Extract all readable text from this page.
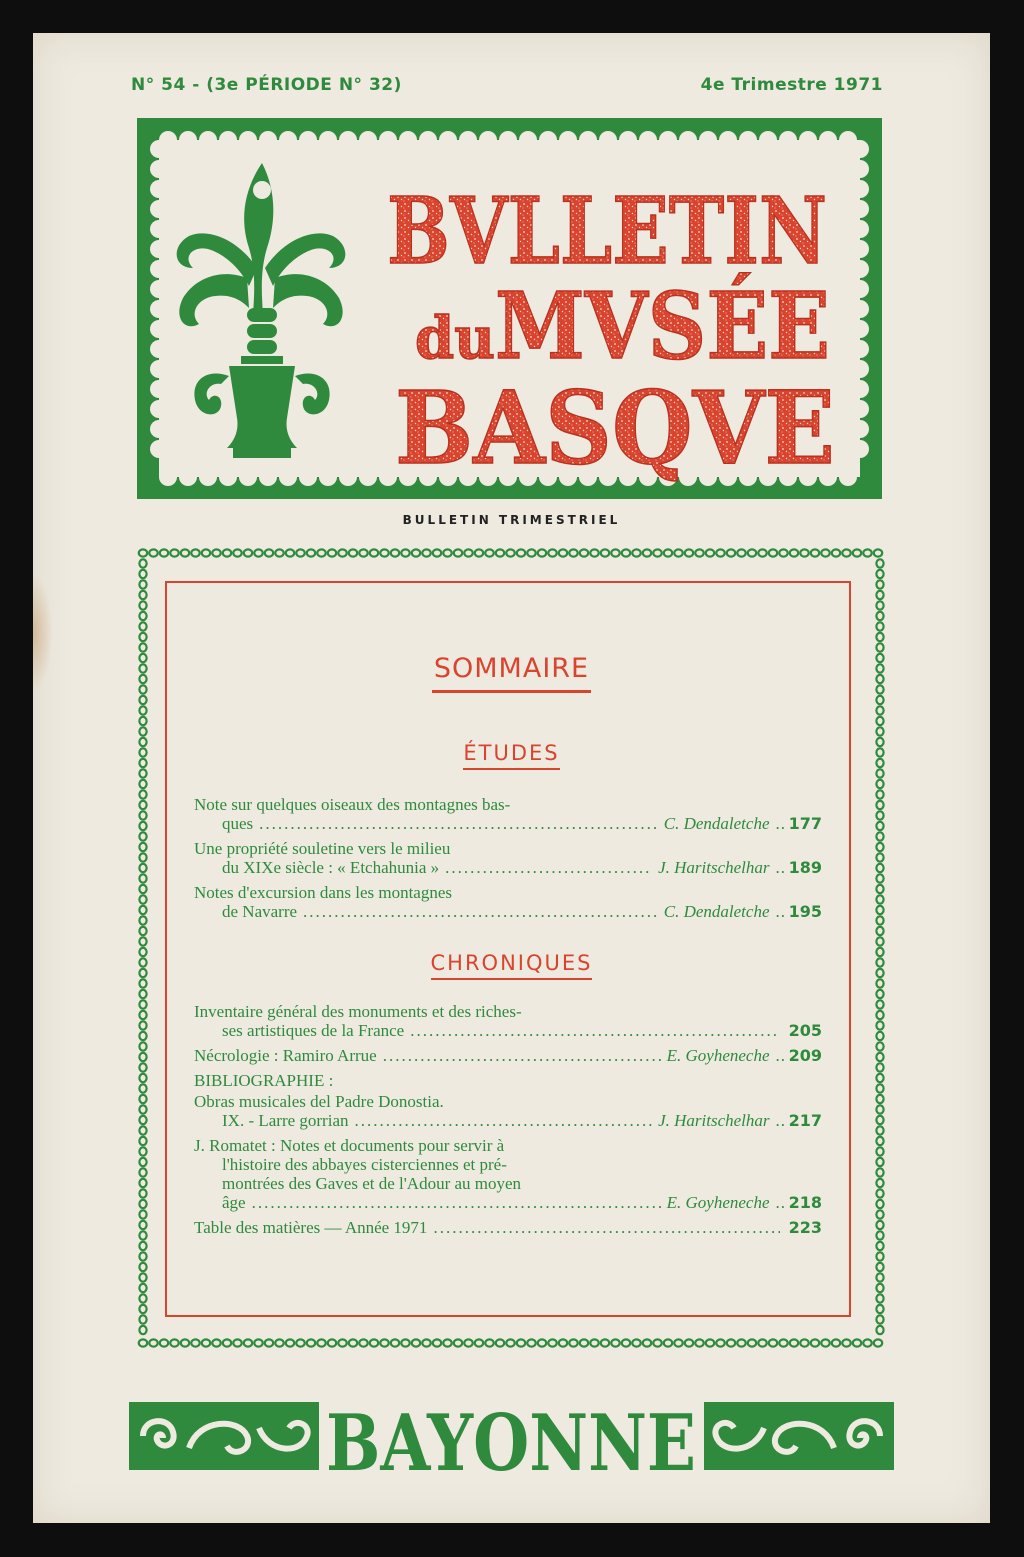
N° 54 - (3e PÉRIODE N° 32)	4e Trimestre 1971
BVLLETIN
du MVSÉE
BASQVE
BULLETIN TRIMESTRIEL
SOMMAIRE
ÉTUDES
Note sur quelques oiseaux des montagnes bas-
ques .....	C. Dendaletche .. 177
Une propriété souletine vers le milieu
du XIXe siècle : « Etchahunia » .....	J. Haritschelhar .. 189
Notes d'excursion dans les montagnes
de Navarre .....	C. Dendaletche .. 195
CHRONIQUES
Inventaire général des monuments et des riches-
ses artistiques de la France .....	205
Nécrologie : Ramiro Arrue .....	E. Goyheneche .. 209
BIBLIOGRAPHIE :
Obras musicales del Padre Donostia.
IX. - Larre gorrian .....	J. Haritschelhar .. 217
J. Romatet : Notes et documents pour servir à
l'histoire des abbayes cisterciennes et pré-
montrées des Gaves et de l'Adour au moyen
âge .....	E. Goyheneche .. 218
Table des matières — Année 1971 .....	223
BAYONNE
